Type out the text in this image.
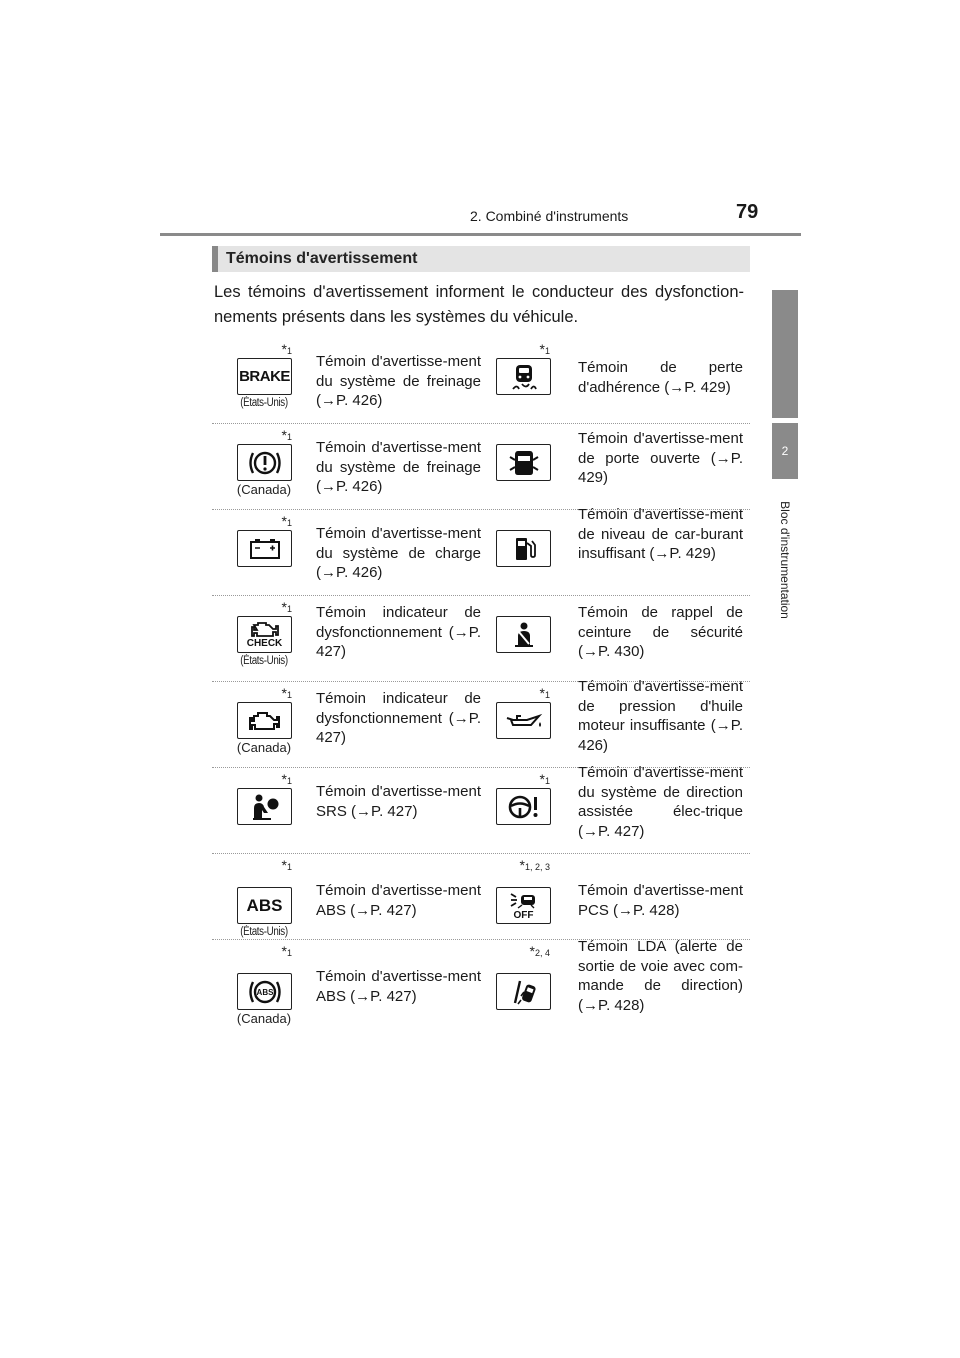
2. Combiné d'instruments	79
2
Bloc d'instrumentation
Témoins d'avertissement
Les témoins d'avertissement informent le conducteur des dysfonction-nements présents dans les systèmes du véhicule.
*1
BRAKE
(États-Unis)
Témoin d'avertisse-ment du système de freinage (→P. 426)
*1
Témoin de perte d'adhérence (→P. 429)
*1
(Canada)
Témoin d'avertisse-ment du système de freinage (→P. 426)
Témoin d'avertisse-ment de porte ouverte (→P. 429)
*1
Témoin d'avertisse-ment du système de charge (→P. 426)
Témoin d'avertisse-ment de niveau de car-burant insuffisant (→P. 429)
*1
CHECK
(États-Unis)
Témoin indicateur de dysfonctionnement (→P. 427)
Témoin de rappel de ceinture de sécurité (→P. 430)
*1
(Canada)
Témoin indicateur de dysfonctionnement (→P. 427)
*1 Témoin d'avertisse-ment de pression d'huile moteur insuffisante (→P. 426)
*1
Témoin d'avertisse-ment SRS (→P. 427)
*1 Témoin d'avertisse-ment du système de direction assistée élec-trique (→P. 427)
*1
ABS
(États-Unis)
Témoin d'avertisse-ment ABS (→P. 427)
*1, 2, 3
OFF
Témoin d'avertisse-ment PCS (→P. 428)
*1
ABS
(Canada)
Témoin d'avertisse-ment ABS (→P. 427)
*2, 4 Témoin LDA (alerte de sortie de voie avec com-mande de direction) (→P. 428)
